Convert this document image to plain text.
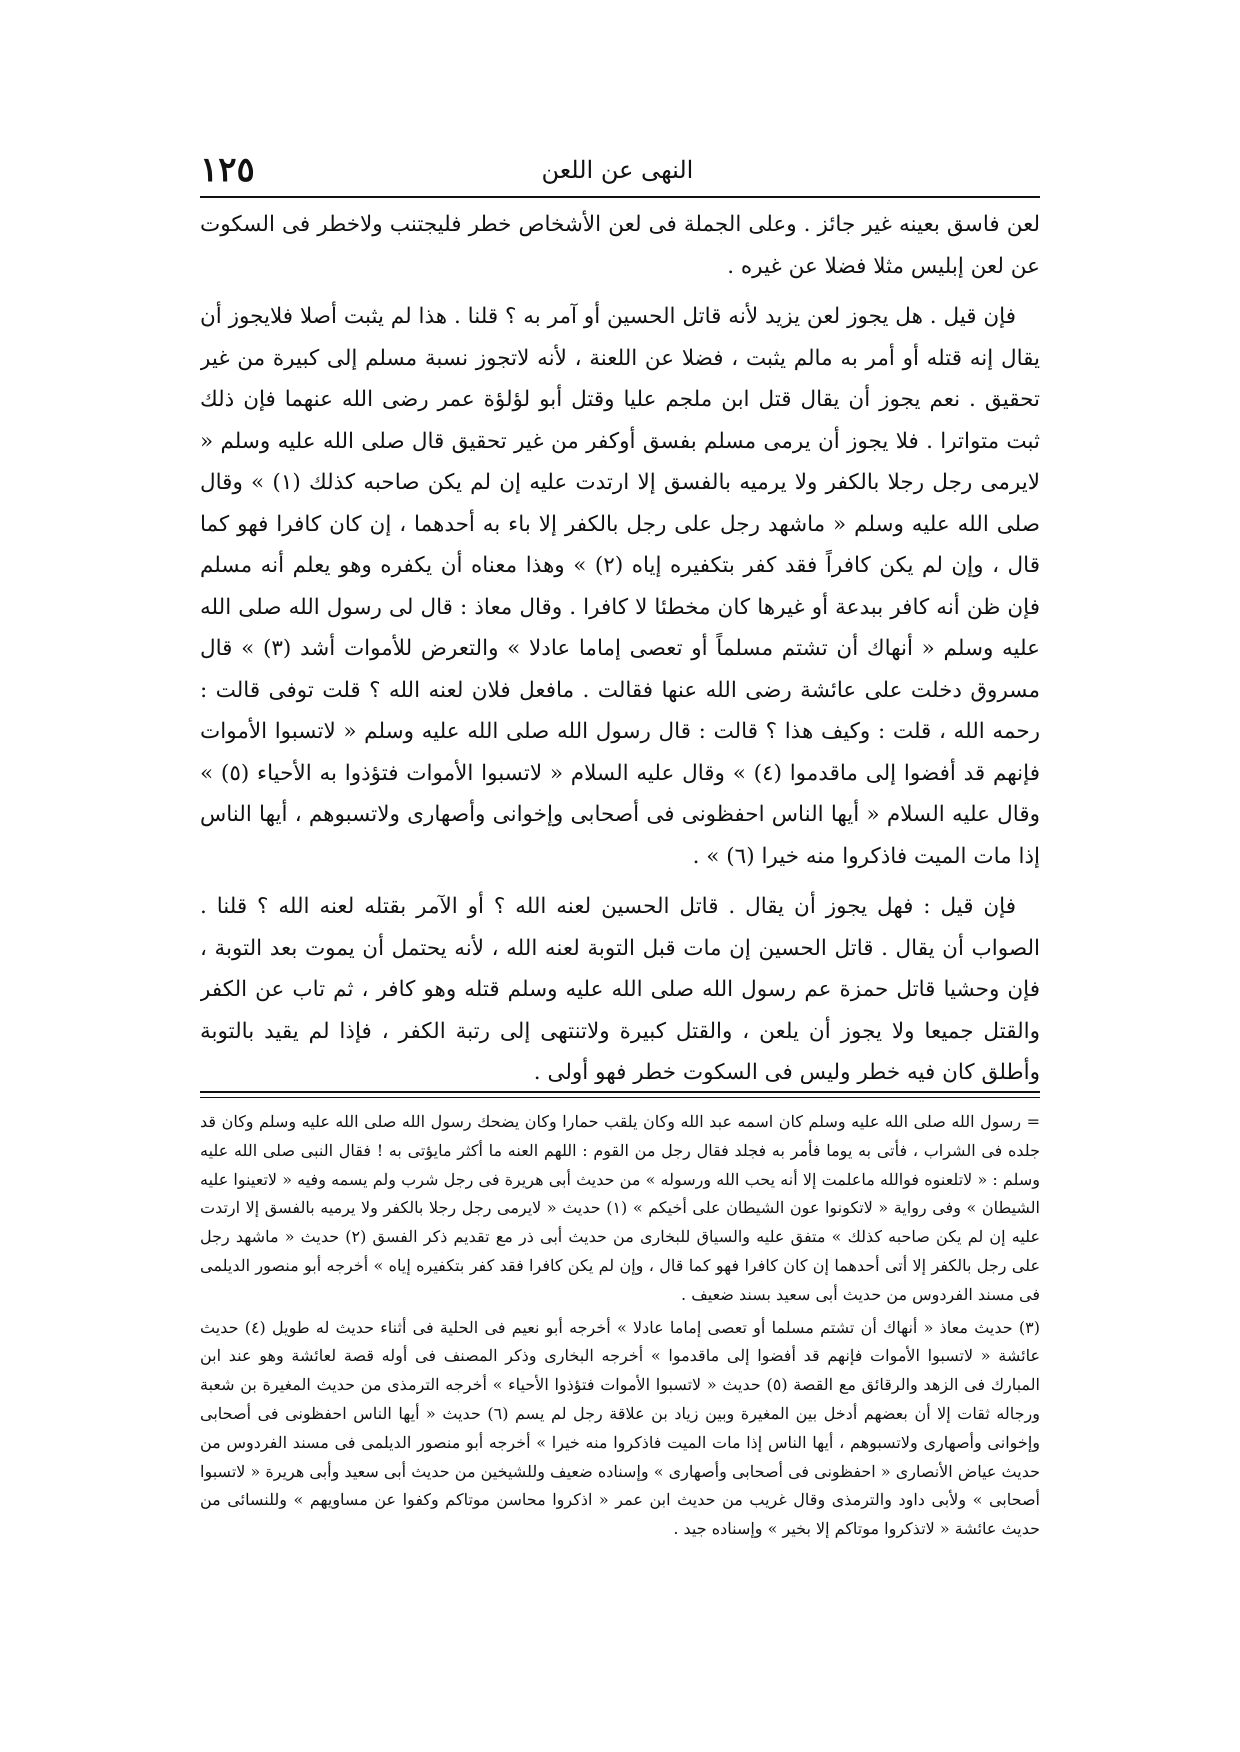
١٢٥	النهى عن اللعن

لعن فاسق بعينه غير جائز . وعلى الجملة فى لعن الأشخاص خطر فليجتنب ولاخطر فى السكوت عن لعن إبليس مثلا فضلا عن غيره .

فإن قيل . هل يجوز لعن يزيد لأنه قاتل الحسين أو آمر به ؟ قلنا . هذا لم يثبت أصلا فلايجوز أن يقال إنه قتله أو أمر به مالم يثبت ، فضلا عن اللعنة ، لأنه لاتجوز نسبة مسلم إلى كبيرة من غير تحقيق . نعم يجوز أن يقال قتل ابن ملجم عليا وقتل أبو لؤلؤة عمر رضى الله عنهما فإن ذلك ثبت متواترا . فلا يجوز أن يرمى مسلم بفسق أوكفر من غير تحقيق قال صلى الله عليه وسلم « لايرمى رجل رجلا بالكفر ولا يرميه بالفسق إلا ارتدت عليه إن لم يكن صاحبه كذلك (١) » وقال صلى الله عليه وسلم « ماشهد رجل على رجل بالكفر إلا باء به أحدهما ، إن كان كافرا فهو كما قال ، وإن لم يكن كافراً فقد كفر بتكفيره إياه (٢) » وهذا معناه أن يكفره وهو يعلم أنه مسلم فإن ظن أنه كافر ببدعة أو غيرها كان مخطئا لا كافرا . وقال معاذ : قال لى رسول الله صلى الله عليه وسلم « أنهاك أن تشتم مسلماً أو تعصى إماما عادلا » والتعرض للأموات أشد (٣) » قال مسروق دخلت على عائشة رضى الله عنها فقالت . مافعل فلان لعنه الله ؟ قلت توفى قالت : رحمه الله ، قلت : وكيف هذا ؟ قالت : قال رسول الله صلى الله عليه وسلم « لاتسبوا الأموات فإنهم قد أفضوا إلى ماقدموا (٤) » وقال عليه السلام « لاتسبوا الأموات فتؤذوا به الأحياء (٥) » وقال عليه السلام « أيها الناس احفظونى فى أصحابى وإخوانى وأصهارى ولاتسبوهم ، أيها الناس إذا مات الميت فاذكروا منه خيرا (٦) » .

فإن قيل : فهل يجوز أن يقال . قاتل الحسين لعنه الله ؟ أو الآمر بقتله لعنه الله ؟ قلنا . الصواب أن يقال . قاتل الحسين إن مات قبل التوبة لعنه الله ، لأنه يحتمل أن يموت بعد التوبة ، فإن وحشيا قاتل حمزة عم رسول الله صلى الله عليه وسلم قتله وهو كافر ، ثم تاب عن الكفر والقتل جميعا ولا يجوز أن يلعن ، والقتل كبيرة ولاتنتهى إلى رتبة الكفر ، فإذا لم يقيد بالتوبة وأطلق كان فيه خطر وليس فى السكوت خطر فهو أولى .

= رسول الله صلى الله عليه وسلم كان اسمه عبد الله وكان يلقب حمارا وكان يضحك رسول الله صلى الله عليه وسلم وكان قد جلده فى الشراب ، فأتى به يوما فأمر به فجلد فقال رجل من القوم : اللهم العنه ما أكثر مايؤتى به ! فقال النبى صلى الله عليه وسلم : « لاتلعنوه فوالله ماعلمت إلا أنه يحب الله ورسوله » من حديث أبى هريرة فى رجل شرب ولم يسمه وفيه « لاتعينوا عليه الشيطان » وفى رواية « لاتكونوا عون الشيطان على أخيكم » (١) حديث « لايرمى رجل رجلا بالكفر ولا يرميه بالفسق إلا ارتدت عليه إن لم يكن صاحبه كذلك » متفق عليه والسياق للبخارى من حديث أبى ذر مع تقديم ذكر الفسق (٢) حديث « ماشهد رجل على رجل بالكفر إلا أتى أحدهما إن كان كافرا فهو كما قال ، وإن لم يكن كافرا فقد كفر بتكفيره إياه » أخرجه أبو منصور الديلمى فى مسند الفردوس من حديث أبى سعيد بسند ضعيف .

(٣) حديث معاذ « أنهاك أن تشتم مسلما أو تعصى إماما عادلا » أخرجه أبو نعيم فى الحلية فى أثناء حديث له طويل (٤) حديث عائشة « لاتسبوا الأموات فإنهم قد أفضوا إلى ماقدموا » أخرجه البخارى وذكر المصنف فى أوله قصة لعائشة وهو عند ابن المبارك فى الزهد والرقائق مع القصة (٥) حديث « لاتسبوا الأموات فتؤذوا الأحياء » أخرجه الترمذى من حديث المغيرة بن شعبة ورجاله ثقات إلا أن بعضهم أدخل بين المغيرة وبين زياد بن علاقة رجل لم يسم (٦) حديث « أيها الناس احفظونى فى أصحابى وإخوانى وأصهارى ولاتسبوهم ، أيها الناس إذا مات الميت فاذكروا منه خيرا » أخرجه أبو منصور الديلمى فى مسند الفردوس من حديث عياض الأنصارى « احفظونى فى أصحابى وأصهارى » وإسناده ضعيف وللشيخين من حديث أبى سعيد وأبى هريرة « لاتسبوا أصحابى » ولأبى داود والترمذى وقال غريب من حديث ابن عمر « اذكروا محاسن موتاكم وكفوا عن مساويهم » وللنسائى من حديث عائشة « لاتذكروا موتاكم إلا بخير » وإسناده جيد .
